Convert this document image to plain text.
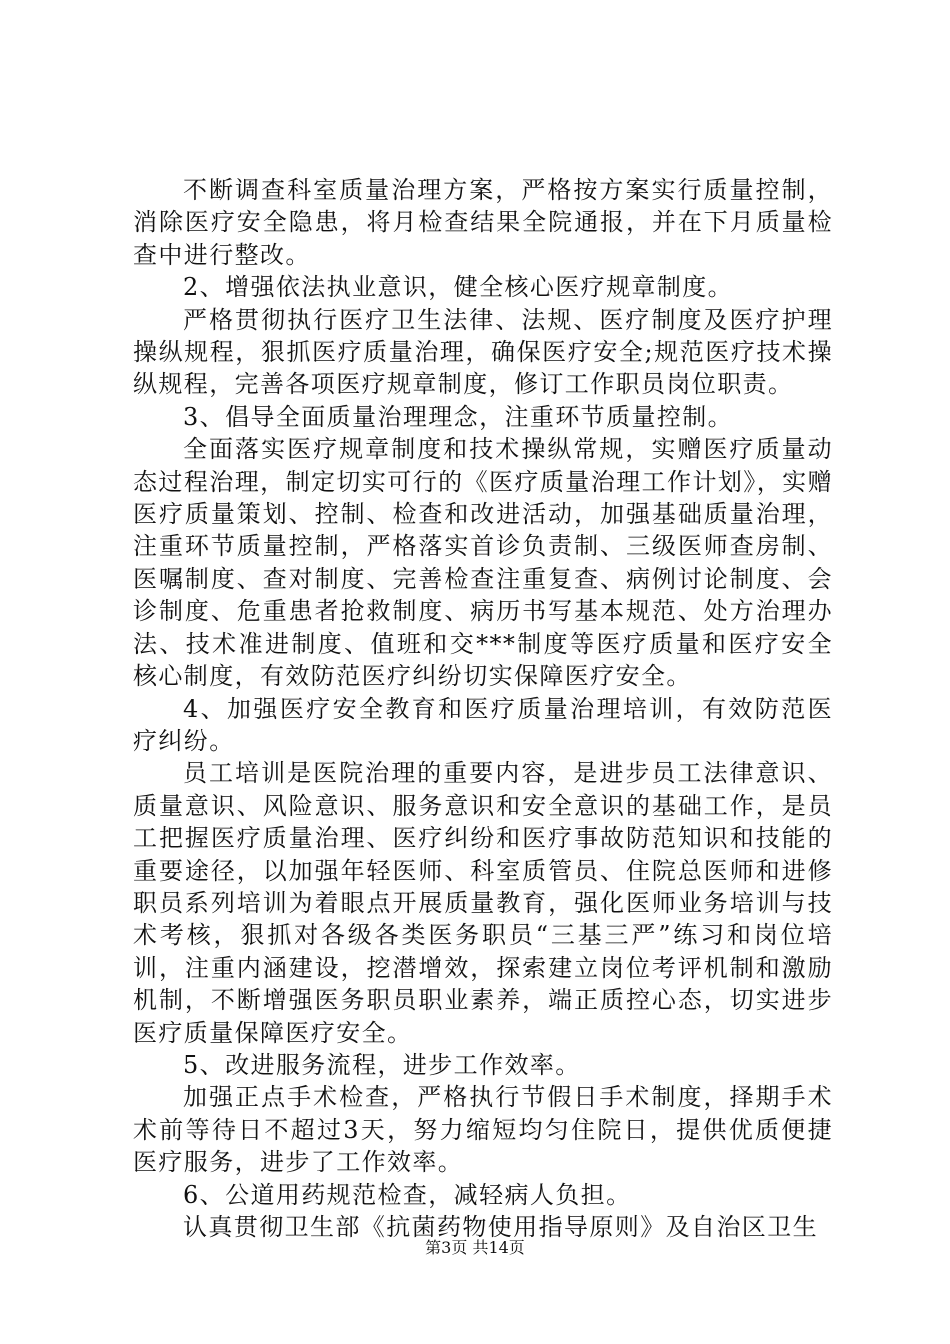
不断调查科室质量治理方案，严格按方案实行质量控制，消除医疗安全隐患，将月检查结果全院通报，并在下月质量检查中进行整改。

2、增强依法执业意识，健全核心医疗规章制度。

严格贯彻执行医疗卫生法律、法规、医疗制度及医疗护理操纵规程，狠抓医疗质量治理，确保医疗安全;规范医疗技术操纵规程，完善各项医疗规章制度，修订工作职员岗位职责。

3、倡导全面质量治理理念，注重环节质量控制。

全面落实医疗规章制度和技术操纵常规，实赠医疗质量动态过程治理，制定切实可行的《医疗质量治理工作计划》，实赠医疗质量策划、控制、检查和改进活动，加强基础质量治理，注重环节质量控制，严格落实首诊负责制、三级医师查房制、医嘱制度、查对制度、完善检查注重复查、病例讨论制度、会诊制度、危重患者抢救制度、病历书写基本规范、处方治理办法、技术准进制度、值班和交***制度等医疗质量和医疗安全核心制度，有效防范医疗纠纷切实保障医疗安全。

4、加强医疗安全教育和医疗质量治理培训，有效防范医疗纠纷。

员工培训是医院治理的重要内容，是进步员工法律意识、质量意识、风险意识、服务意识和安全意识的基础工作，是员工把握医疗质量治理、医疗纠纷和医疗事故防范知识和技能的重要途径，以加强年轻医师、科室质管员、住院总医师和进修职员系列培训为着眼点开展质量教育，强化医师业务培训与技术考核，狠抓对各级各类医务职员“三基三严”练习和岗位培训，注重内涵建设，挖潜增效，探索建立岗位考评机制和激励机制，不断增强医务职员职业素养，端正质控心态，切实进步医疗质量保障医疗安全。

5、改进服务流程，进步工作效率。

加强正点手术检查，严格执行节假日手术制度，择期手术术前等待日不超过3天，努力缩短均匀住院日，提供优质便捷医疗服务，进步了工作效率。

6、公道用药规范检查，减轻病人负担。

认真贯彻卫生部《抗菌药物使用指导原则》及自治区卫生

第3页 共14页
